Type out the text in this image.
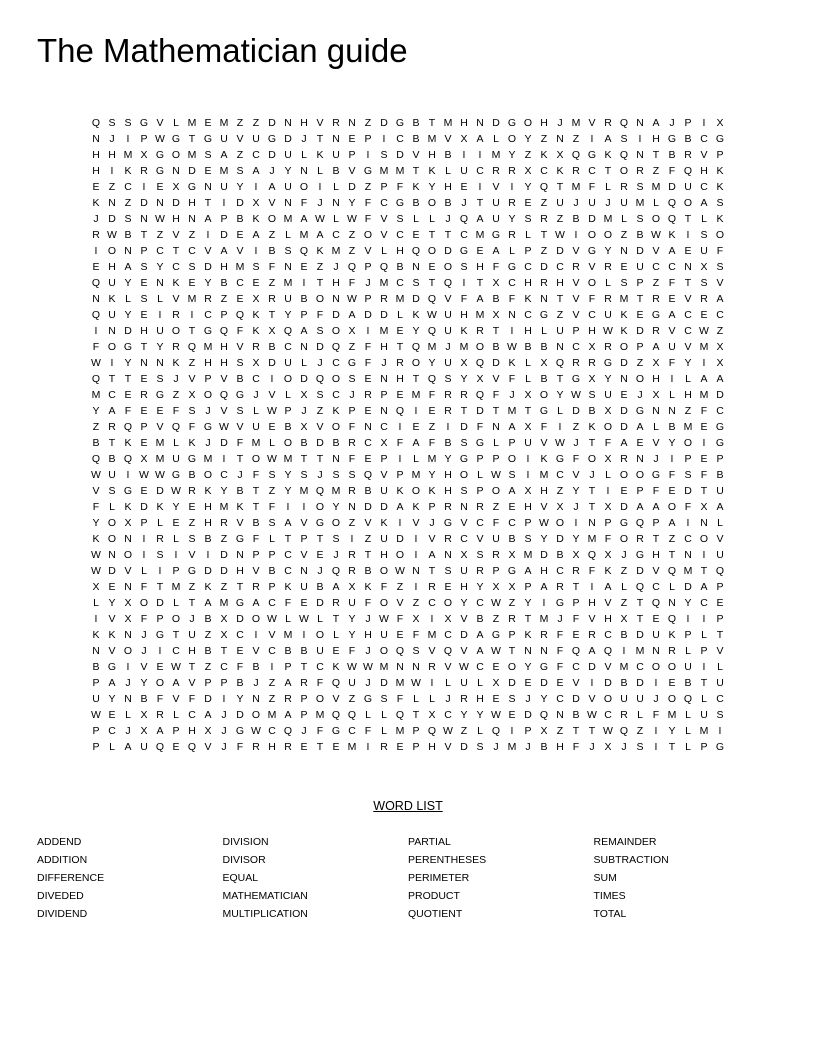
The Mathematician guide
Q S S G V L M E M Z Z D N H V R N Z D G B T M H N D G O H J M V R Q N A J P	I	X
N J	I	P W G T G U V U G D J T N E P	I	C B M V X A L O Y Z N Z	I	A S	I	H G B C G
H H M X G O M S A Z C D U L K U P	I	S D V H B	I	I M Y Z K X Q G K Q N T B R V P
H	I	K R G N D E M S A J Y N L B V G M M T K L U C R R X C K R C T O R Z F Q H K
E Z C	I	E X G N U Y	I	A U O I	L D Z P F K Y H E	I	V	I	Y Q T M F L R S M D U C K
K N Z D N D H T	I	D X V N F J N Y F C G B O B J T U R E Z U J U J U M L Q O A S
J D S N W H N A P B K O M A W L W F V S L L J Q A U Y S R Z B D M L S O Q T L K
R W B T Z V Z	I	D E A Z L M A C Z O V C E T T C M G R L T W I O O Z B W K	I	S O
I O N P C T C V A V	I	B S Q K M Z V L H Q O D G E A L P Z D V G Y N D V A E U F
E H A S Y C S D H M S F N E Z J Q P Q B N E O S H F G C D C R V R E U C C N X S
Q U Y E N K E Y B C E Z M I	T H F J M C S T Q I	T X C H R H V O L S P Z F T S V
N K L S L V M R Z E X R U B O N W P R M D Q V F A B F K N T V F R M T R E V R A
Q U Y E	I	R	I	C P Q K T Y P F D A D D L K W U H M X N C G Z V C U K E G A C E C
I	N D H U O T G Q F K X Q A S O X	I M E Y Q U K R T	I	H L U P H W K D R V C W Z
F O G T Y R Q M H V R B C N D Q Z F H T Q M J M O B W B B N C X R O P A U V M X
W I	Y N N K Z H H S X D U L J C G F J R O Y U X Q D K L X Q R R G D Z X F Y	I	X
Q T T E S J V P V B C	I O D Q O S E N H T Q S Y X V F L B T G X Y N O H	I	L A A
M C E R G Z X O Q G J V L X S C J R P E M F R R Q F J X O Y W S U E J X L H M D
Y A F E E F S J V S L W P J Z K P E N Q I	E R T D T M T G L D B X D G N N Z F C
Z R Q P V Q F G W V U E B X V O F N C	I	E Z	I	D F N A X F	I	Z K O D A L B M E G
B T K E M L K J D F M L O B D B R C X F A F B S G L P U V W J T F A E V Y O I G
Q B Q X M U G M I	T O W M T T N F E P	I	L M Y G P P O I	K G F O X R N J	I	P E P
W U	I W W G B O C J F S Y S J S S Q V P M Y H O L W S	I M C V J L O O G F S F B
V S G E D W R K Y B T Z Y M Q M R B U K O K H S P O A X H Z Y T	I	E P F E D T U
F L K D K Y E H M K T F	I	I O Y N D D A K P R N R Z E H V X J T X D A A O F X A
Y O X P L E Z H R V B S A V G O Z V K	I	V J G V C F C P W O I	N P G Q P A	I	N L
K O N	I	R L S B Z G F L T P T S	I	Z U D	I	V R C V U B S Y D Y M F O R T Z C O V
W N O I	S	I	V	I	D N P P C V E J R T H O I	A N X S R X M D B X Q X J G H T N	I	U
W D V L	I	P G D D H V B C N J Q R B O W N T S U R P G A H C R F K Z D V Q M T Q
X E N F T M Z K Z T R P K U B A X K F Z	I	R E H Y X X P A R T	I	A L Q C L D A P
L Y X O D L T A M G A C F E D R U F O V Z C O Y C W Z Y	I G P H V Z T Q N Y C E
I	V X F P O J B X D O W L W L T Y J W F X	I	X V B Z R T M J F V H X T E Q I	I	P
K K N J G T U Z X C	I	V M I O L Y H U E F M C D A G P K R F E R C B D U K P L T
N V O J	I	C H B T E V C B B U E F J O Q S V Q V A W T N N F Q A Q I M N R L P V
B G I	V E W T Z C F B	I	P T C K W W M N N R V W C E O Y G F C D V M C O O U	I	L
P A J Y O A V P P B J Z A R F Q U J D M W I	L U L X D E D E V	I	D B D	I	E B T U
U Y N B F V F D	I	Y N Z R P O V Z G S F L L J R H E S J Y C D V O U U J O Q L C
W E L X R L C A J D O M A P M Q Q L L Q T X C Y Y W E D Q N B W C R L F M L U S
P C J X A P H X J G W C Q J F G C F L M P Q W Z L Q I	P X Z T T W Q Z	I	Y L M I
P L A U Q E Q V J F R H R E T E M I	R E P H V D S J M J B H F J X J S	I	T L P G
WORD LIST
ADDEND	DIVISION	PARTIAL	REMAINDER
ADDITION	DIVISOR	PERENTHESES	SUBTRACTION
DIFFERENCE	EQUAL	PERIMETER	SUM
DIVEDED	MATHEMATICIAN	PRODUCT	TIMES
DIVIDEND	MULTIPLICATION	QUOTIENT	TOTAL
